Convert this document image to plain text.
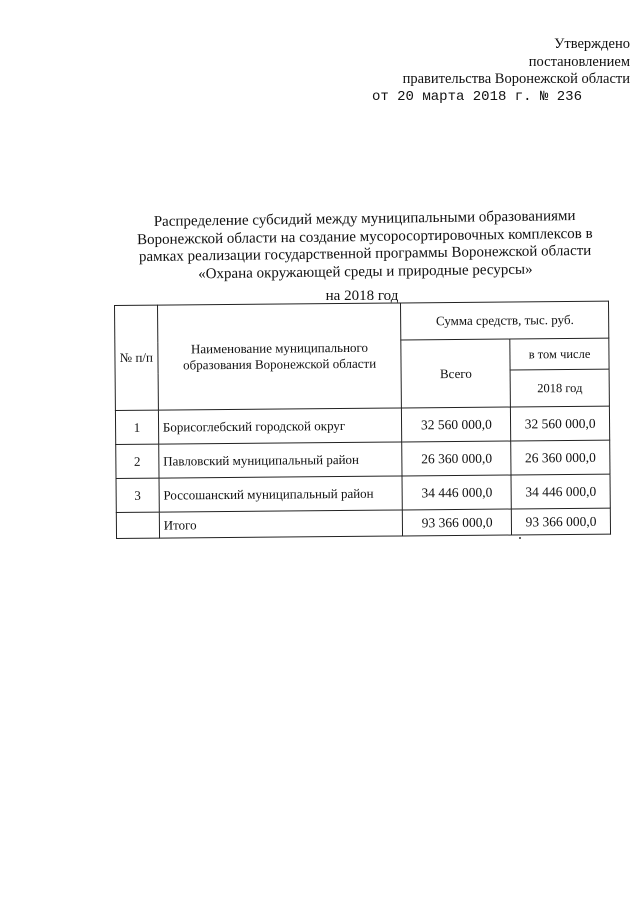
Утверждено
постановлением
правительства Воронежской области
от 20 марта 2018 г. № 236
Распределение субсидий между муниципальными образованиями
Воронежской области на создание мусоросортировочных комплексов в
рамках реализации государственной программы Воронежской области
«Охрана окружающей среды и природные ресурсы»
на 2018 год
№ п/п	Наименование муниципального образования Воронежской области	Сумма средств, тыс. руб.	
		Всего	в том числе
			2018 год
1	Борисоглебский городской округ	32 560 000,0	32 560 000,0
2	Павловский муниципальный район	26 360 000,0	26 360 000,0
3	Россошанский муниципальный район	34 446 000,0	34 446 000,0
	Итого	93 366 000,0	93 366 000,0
